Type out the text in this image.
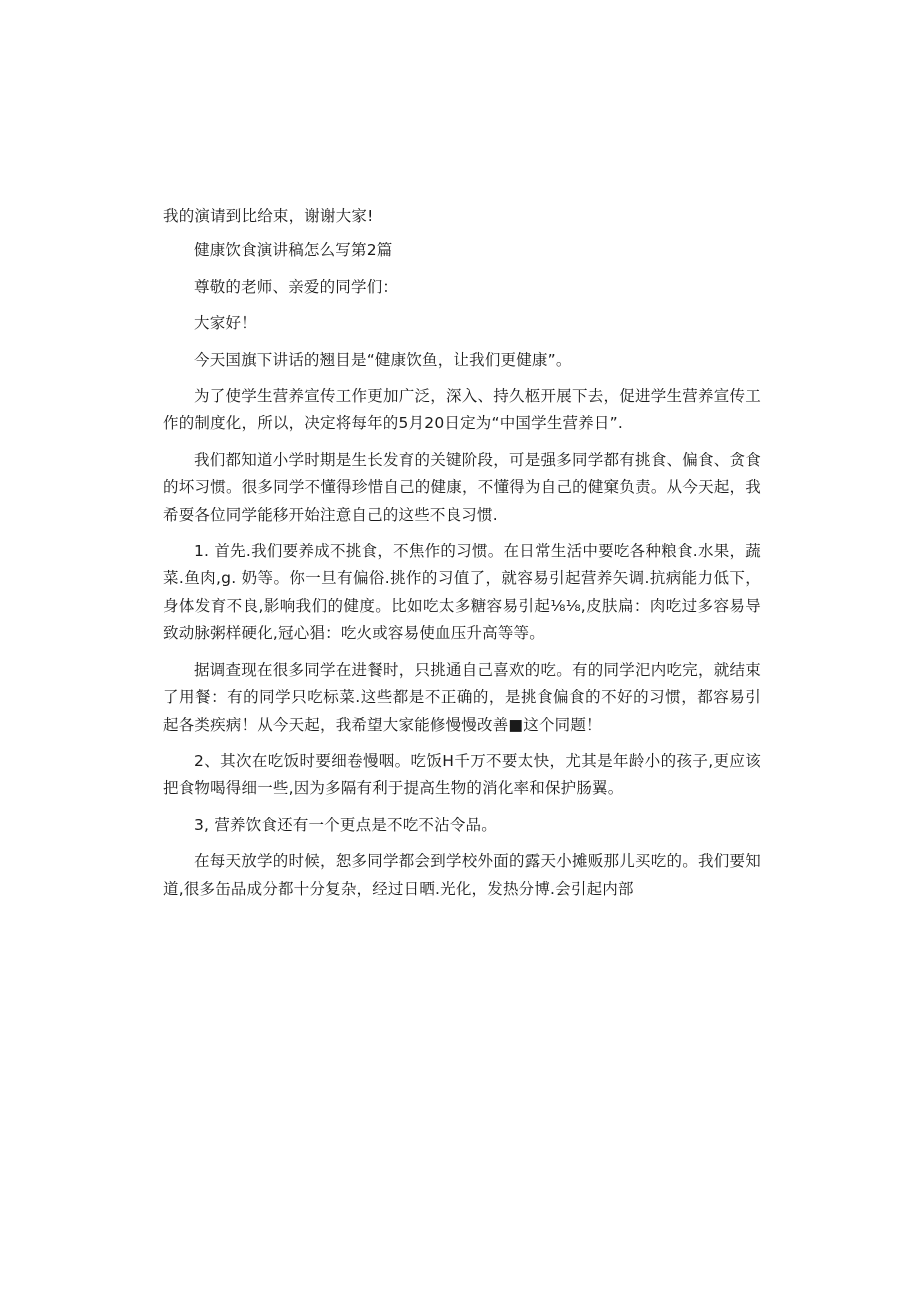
我的演请到比给束，谢谢大家!

健康饮食演讲稿怎么写第2篇

尊敬的老师、亲爱的同学们：

大家好！

今天国旗下讲话的翘目是“健康饮鱼，让我们更健康”。

为了使学生营养宣传工作更加广泛，深入、持久柩开展下去，促进学生营养宣传工作的制度化，所以，决定将每年的5月20日定为“中国学生营养日”.

我们都知道小学时期是生长发育的关键阶段，可是强多同学都有挑食、偏食、贪食的坏习惯。很多同学不懂得珍惜自己的健康，不懂得为自己的健窠负责。从今天起，我希耍各位同学能移开始注意自己的这些不良习惯.

1. 首先.我们要养成不挑食，不焦作的习惯。在日常生活中要吃各种粮食.水果，蔬菜.鱼肉,g. 奶等。你一旦有偏俗.挑作的习值了，就容易引起营养矢调.抗病能力低下，身体发育不良,影响我们的健度。比如吃太多糖容易引起⅛⅛,皮肤扁：肉吃过多容易导致动脉粥样硬化,冠心猖：吃火或容易使血压升高等等。

据调查现在很多同学在进餐时，只挑通自己喜欢的吃。有的同学汜内吃完，就结束了用餐：有的同学只吃标菜.这些都是不正确的，是挑食偏食的不好的习惯，都容易引起各类疾病！从今天起，我希望大家能修慢慢改善■这个同题！

2、其次在吃饭时要细卷慢咽。吃饭H千万不要太快，尤其是年龄小的孩子,更应该把食物喝得细一些,因为多隔有利于提高生物的消化率和保护肠翼。

3, 营养饮食还有一个更点是不吃不沾令品。

在每天放学的时候，恕多同学都会到学校外面的露天小摊贩那儿买吃的。我们要知道,很多缶品成分都十分复杂，经过日晒.光化，发热分博.会引起内部
